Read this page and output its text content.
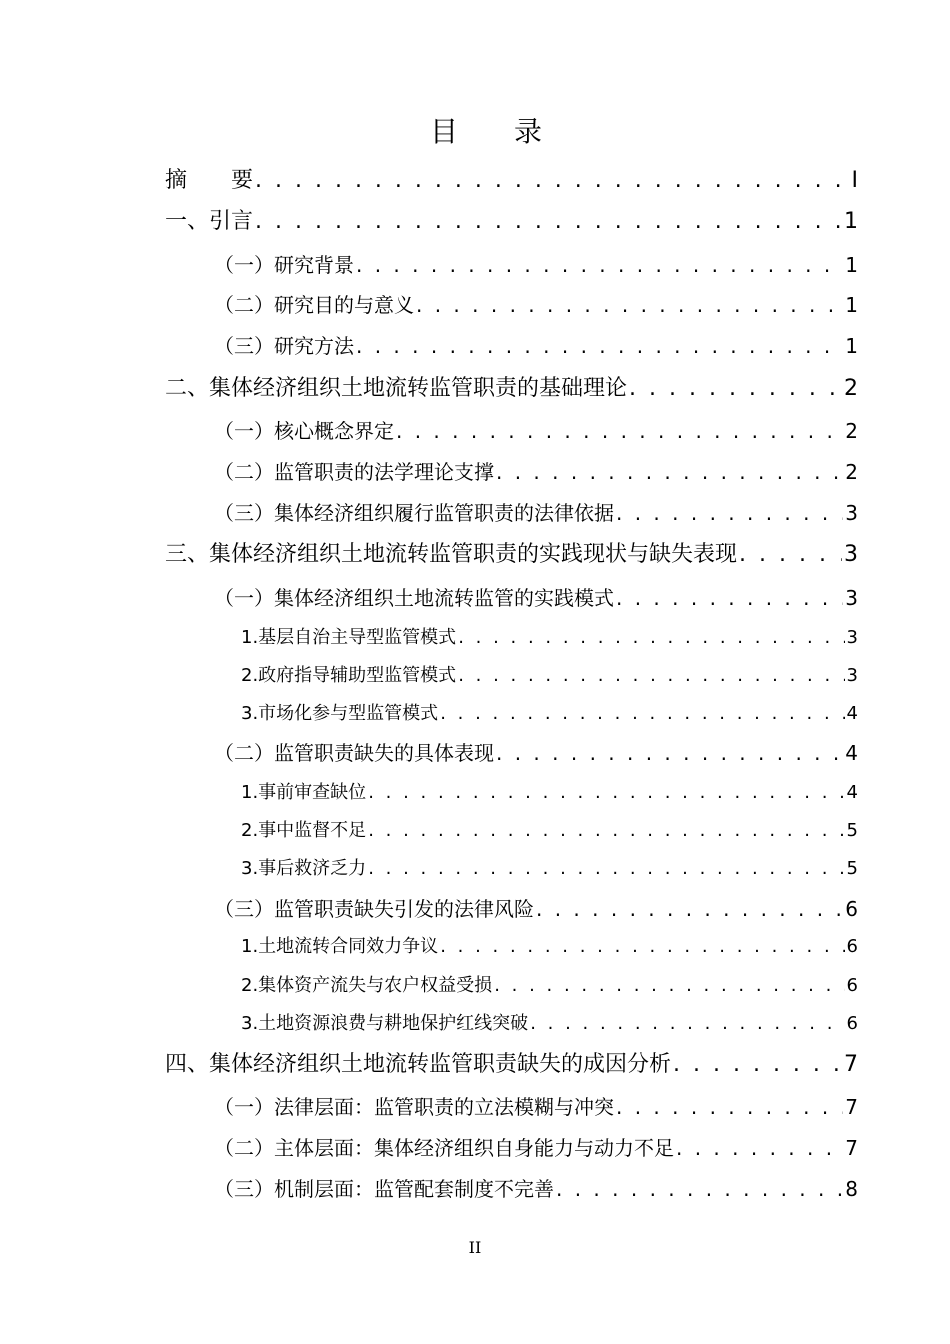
目录
摘　　要 . . .	I
一、引言 . . .	1
（一）研究背景 . . .	1
（二）研究目的与意义 . . .	1
（三）研究方法 . . .	1
二、集体经济组织土地流转监管职责的基础理论 . . .	2
（一）核心概念界定 . . .	2
（二）监管职责的法学理论支撑 . . .	2
（三）集体经济组织履行监管职责的法律依据 . . .	3
三、集体经济组织土地流转监管职责的实践现状与缺失表现 . . .	3
（一）集体经济组织土地流转监管的实践模式 . . .	3
1.基层自治主导型监管模式 . . .	3
2.政府指导辅助型监管模式 . . .	3
3.市场化参与型监管模式 . . .	4
（二）监管职责缺失的具体表现 . . .	4
1.事前审查缺位 . . .	4
2.事中监督不足 . . .	5
3.事后救济乏力 . . .	5
（三）监管职责缺失引发的法律风险 . . .	6
1.土地流转合同效力争议 . . .	6
2.集体资产流失与农户权益受损 . . .	6
3.土地资源浪费与耕地保护红线突破 . . .	6
四、集体经济组织土地流转监管职责缺失的成因分析 . . .	7
（一）法律层面：监管职责的立法模糊与冲突 . . .	7
（二）主体层面：集体经济组织自身能力与动力不足 . . .	7
（三）机制层面：监管配套制度不完善 . . .	8
II
